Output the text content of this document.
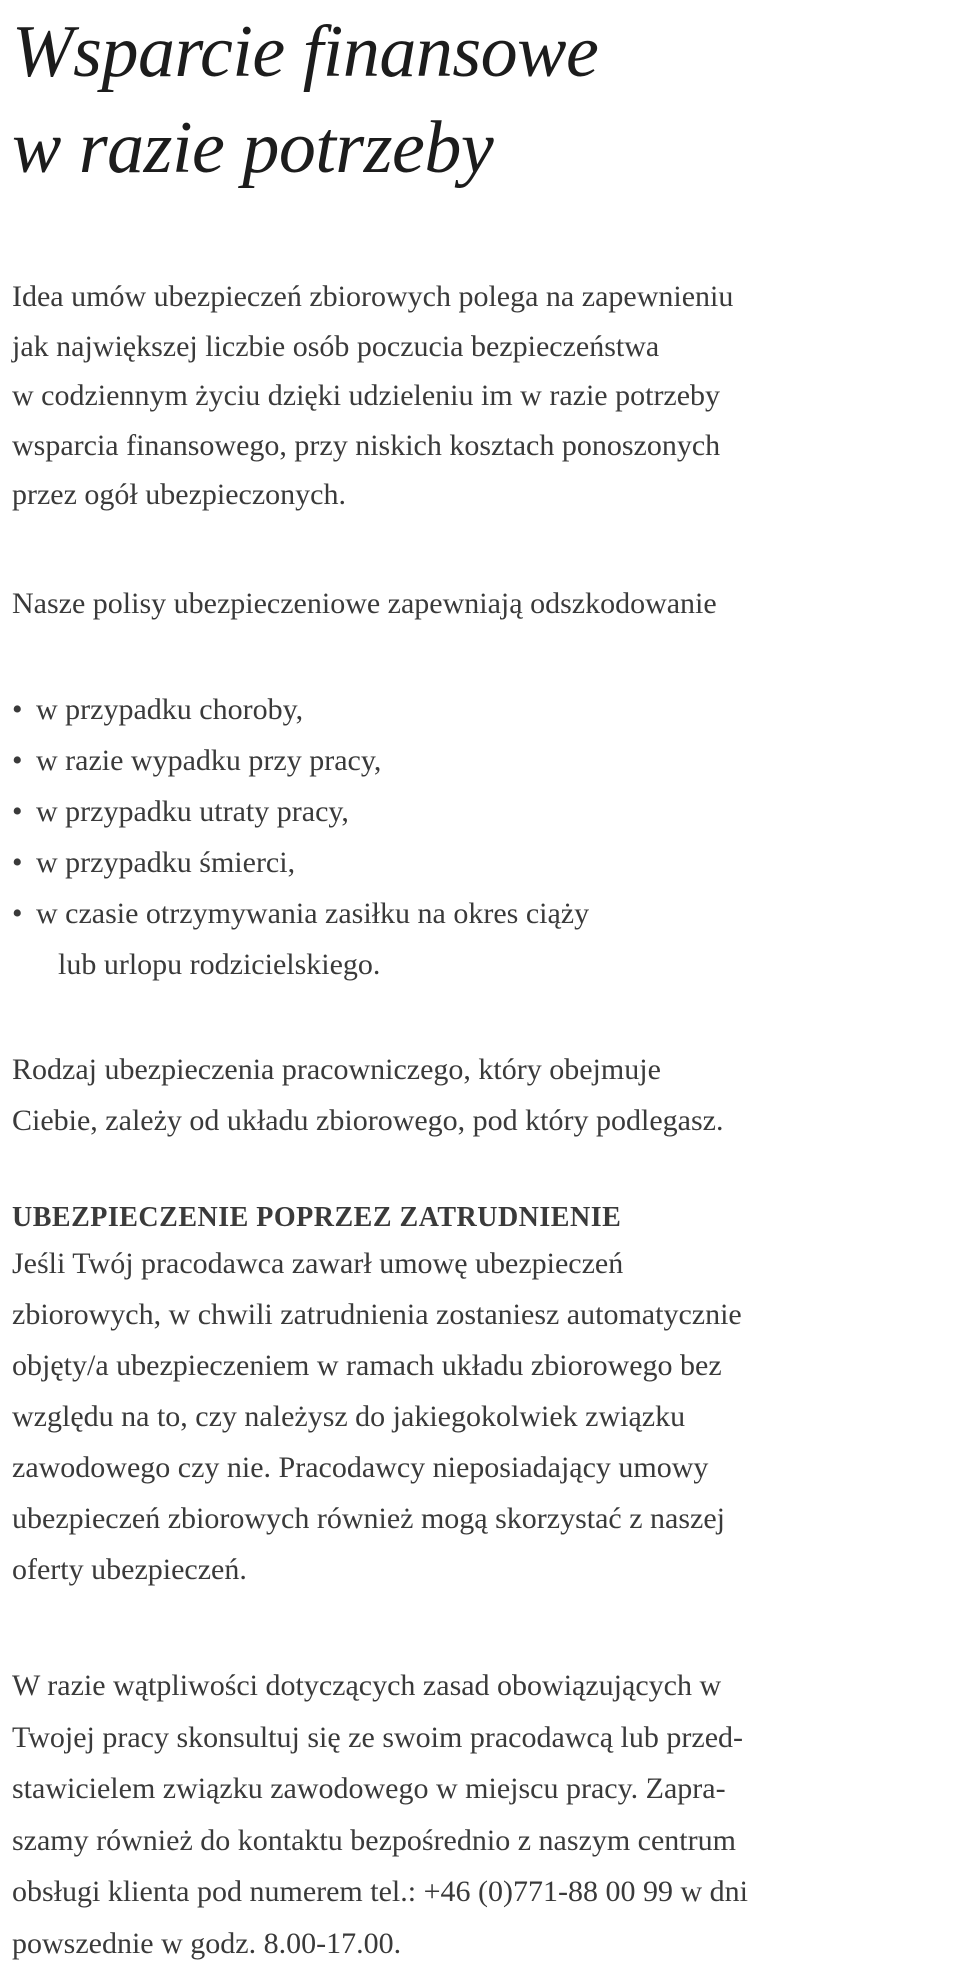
Wsparcie finansowe
w razie potrzeby

Idea umów ubezpieczeń zbiorowych polega na zapewnieniu
jak największej liczbie osób poczucia bezpieczeństwa
w codziennym życiu dzięki udzieleniu im w razie potrzeby
wsparcia finansowego, przy niskich kosztach ponoszonych
przez ogół ubezpieczonych.

Nasze polisy ubezpieczeniowe zapewniają odszkodowanie

• w przypadku choroby,
• w razie wypadku przy pracy,
• w przypadku utraty pracy,
• w przypadku śmierci,
• w czasie otrzymywania zasiłku na okres ciąży
lub urlopu rodzicielskiego.

Rodzaj ubezpieczenia pracowniczego, który obejmuje
Ciebie, zależy od układu zbiorowego, pod który podlegasz.

UBEZPIECZENIE POPRZEZ ZATRUDNIENIE

Jeśli Twój pracodawca zawarł umowę ubezpieczeń
zbiorowych, w chwili zatrudnienia zostaniesz automatycznie
objęty/a ubezpieczeniem w ramach układu zbiorowego bez
względu na to, czy należysz do jakiegokolwiek związku
zawodowego czy nie. Pracodawcy nieposiadający umowy
ubezpieczeń zbiorowych również mogą skorzystać z naszej
oferty ubezpieczeń.

W razie wątpliwości dotyczących zasad obowiązujących w
Twojej pracy skonsultuj się ze swoim pracodawcą lub przed-
stawicielem związku zawodowego w miejscu pracy. Zapra-
szamy również do kontaktu bezpośrednio z naszym centrum
obsługi klienta pod numerem tel.: +46 (0)771-88 00 99 w dni
powszednie w godz. 8.00-17.00.
